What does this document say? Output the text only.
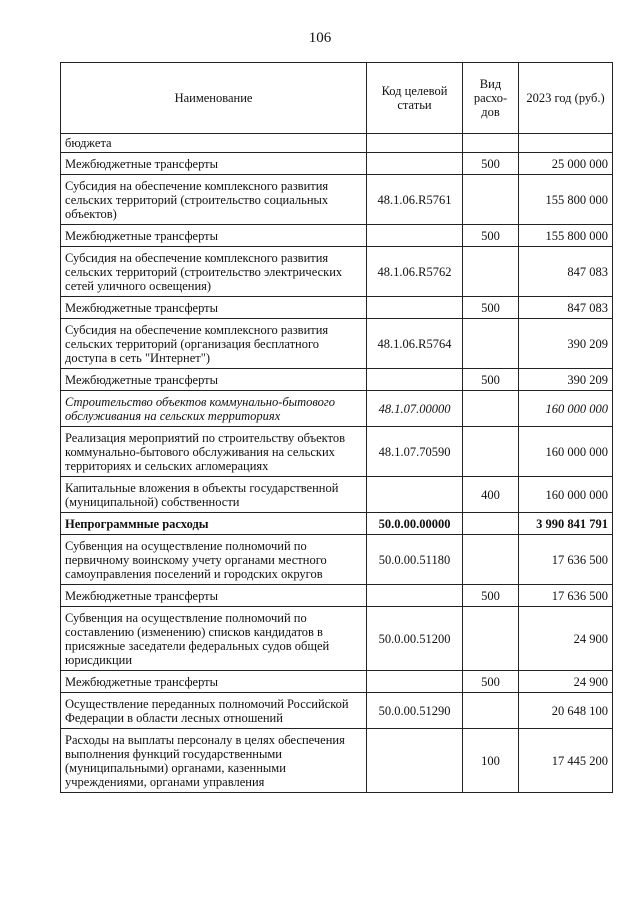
106
Наименование	Код целевой статьи	Вид расхо-дов	2023 год (руб.)
бюджета			
Межбюджетные трансферты		500	25 000 000
Субсидия на обеспечение комплексного развития сельских территорий (строительство социальных объектов)	48.1.06.R5761		155 800 000
Межбюджетные трансферты		500	155 800 000
Субсидия на обеспечение комплексного развития сельских территорий (строительство электрических сетей уличного освещения)	48.1.06.R5762		847 083
Межбюджетные трансферты		500	847 083
Субсидия на обеспечение комплексного развития сельских территорий (организация бесплатного доступа в сеть "Интернет")	48.1.06.R5764		390 209
Межбюджетные трансферты		500	390 209
Строительство объектов коммунально-бытового обслуживания на сельских территориях	48.1.07.00000		160 000 000
Реализация мероприятий по строительству объектов коммунально-бытового обслуживания на сельских территориях и сельских агломерациях	48.1.07.70590		160 000 000
Капитальные вложения в объекты государственной (муниципальной) собственности		400	160 000 000
Непрограммные расходы	50.0.00.00000		3 990 841 791
Субвенция на осуществление полномочий по первичному воинскому учету органами местного самоуправления поселений и городских округов	50.0.00.51180		17 636 500
Межбюджетные трансферты		500	17 636 500
Субвенция на осуществление полномочий по составлению (изменению) списков кандидатов в присяжные заседатели федеральных судов общей юрисдикции	50.0.00.51200		24 900
Межбюджетные трансферты		500	24 900
Осуществление переданных полномочий Российской Федерации в области лесных отношений	50.0.00.51290		20 648 100
Расходы на выплаты персоналу в целях обеспечения выполнения функций государственными (муниципальными) органами, казенными учреждениями, органами управления		100	17 445 200
